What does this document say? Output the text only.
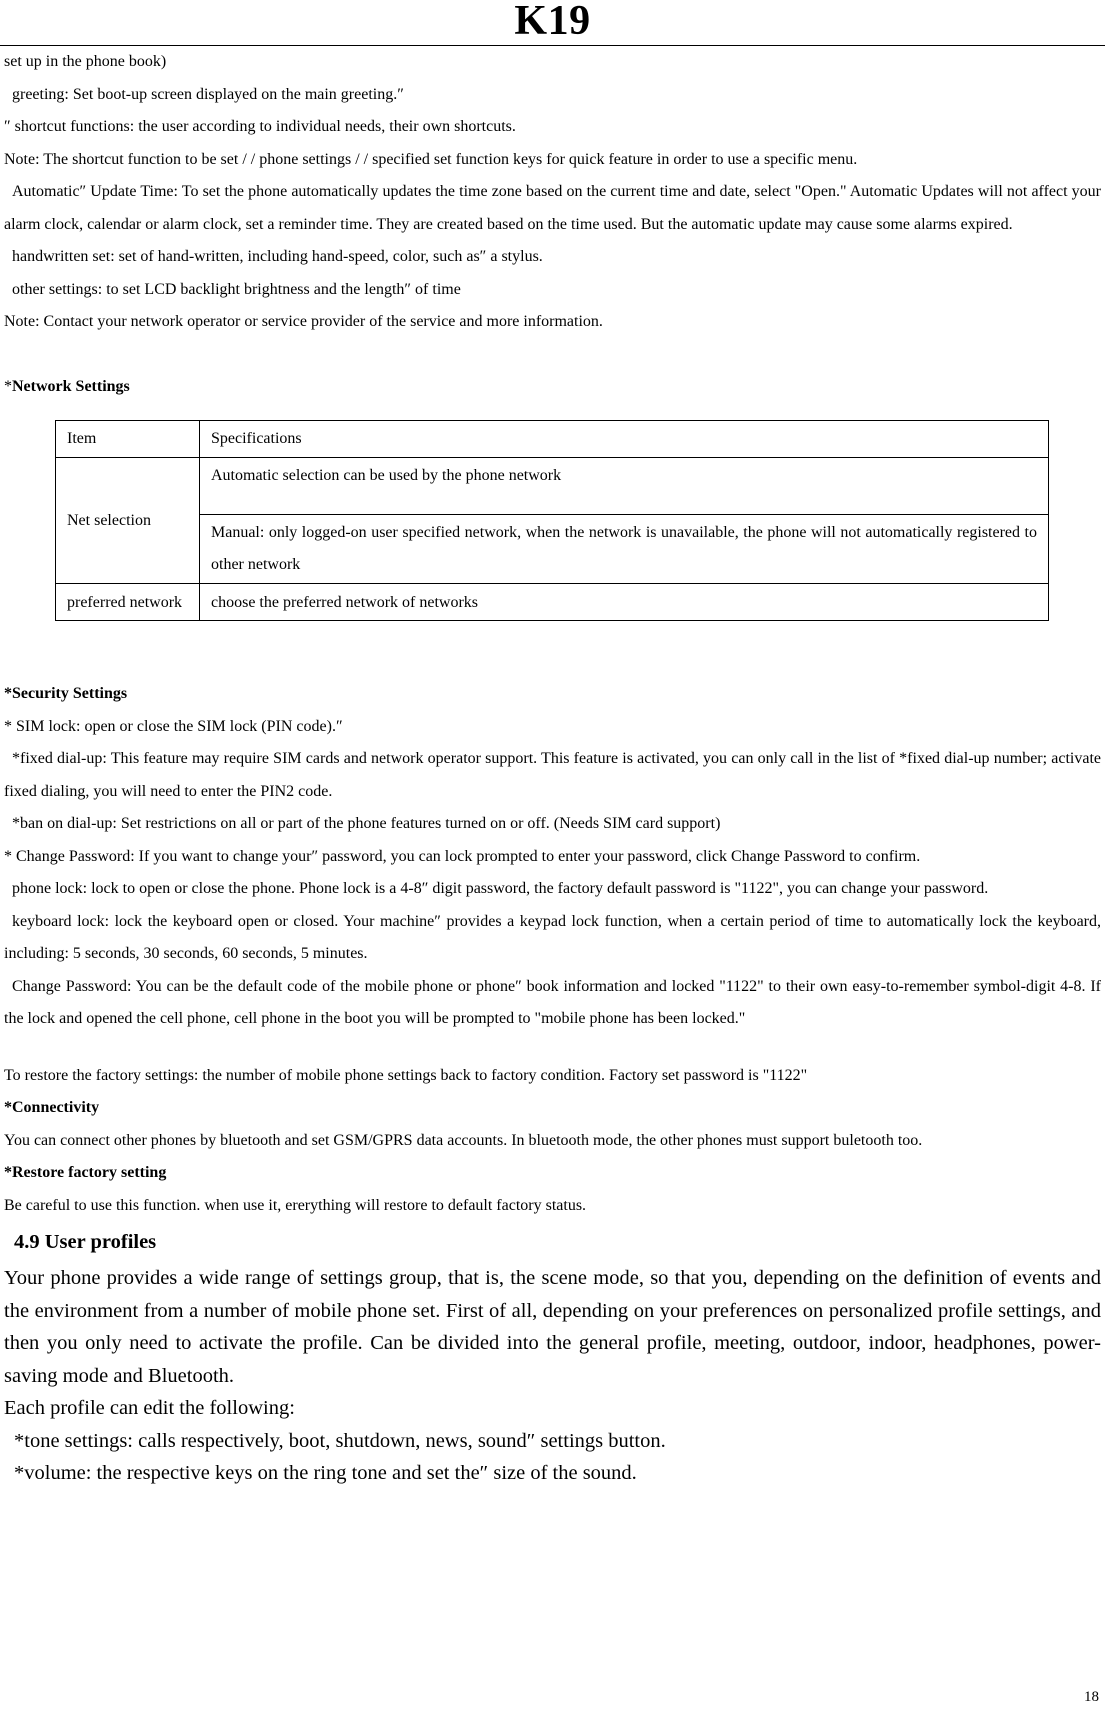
K19
set up in the phone book)
greeting: Set boot-up screen displayed on the main greeting.″
″ shortcut functions: the user according to individual needs, their own shortcuts.
Note: The shortcut function to be set / / phone settings / / specified set function keys for quick feature in order to use a specific menu.
Automatic″ Update Time: To set the phone automatically updates the time zone based on the current time and date, select "Open." Automatic Updates will not affect your alarm clock, calendar or alarm clock, set a reminder time. They are created based on the time used. But the automatic update may cause some alarms expired.
handwritten set: set of hand-written, including hand-speed, color, such as″ a stylus.
other settings: to set LCD backlight brightness and the length″ of time
Note: Contact your network operator or service provider of the service and more information.
*Network Settings
Item	Specifications
Net selection	Automatic selection can be used by the phone network
	Manual: only logged-on user specified network, when the network is unavailable, the phone will not automatically registered to other network
preferred network	choose the preferred network of networks
*Security Settings
* SIM lock: open or close the SIM lock (PIN code).″
*fixed dial-up: This feature may require SIM cards and network operator support. This feature is activated, you can only call in the list of *fixed dial-up number; activate fixed dialing, you will need to enter the PIN2 code.
*ban on dial-up: Set restrictions on all or part of the phone features turned on or off. (Needs SIM card support)
* Change Password: If you want to change your″ password, you can lock prompted to enter your password, click Change Password to confirm.
phone lock: lock to open or close the phone. Phone lock is a 4-8″ digit password, the factory default password is "1122", you can change your password.
keyboard lock: lock the keyboard open or closed. Your machine″ provides a keypad lock function, when a certain period of time to automatically lock the keyboard, including: 5 seconds, 30 seconds, 60 seconds, 5 minutes.
Change Password: You can be the default code of the mobile phone or phone″ book information and locked "1122" to their own easy-to-remember symbol-digit 4-8. If the lock and opened the cell phone, cell phone in the boot you will be prompted to "mobile phone has been locked."
To restore the factory settings: the number of mobile phone settings back to factory condition. Factory set password is "1122"
*Connectivity
You can connect other phones by bluetooth and set GSM/GPRS data accounts. In bluetooth mode, the other phones must support buletooth too.
*Restore factory setting
Be careful to use this function. when use it, ererything will restore to default factory status.
4.9 User profiles
Your phone provides a wide range of settings group, that is, the scene mode, so that you, depending on the definition of events and the environment from a number of mobile phone set. First of all, depending on your preferences on personalized profile settings, and then you only need to activate the profile. Can be divided into the general profile, meeting, outdoor, indoor, headphones, power-saving mode and Bluetooth.
Each profile can edit the following:
*tone settings: calls respectively, boot, shutdown, news, sound″ settings button.
*volume: the respective keys on the ring tone and set the″ size of the sound.
18
